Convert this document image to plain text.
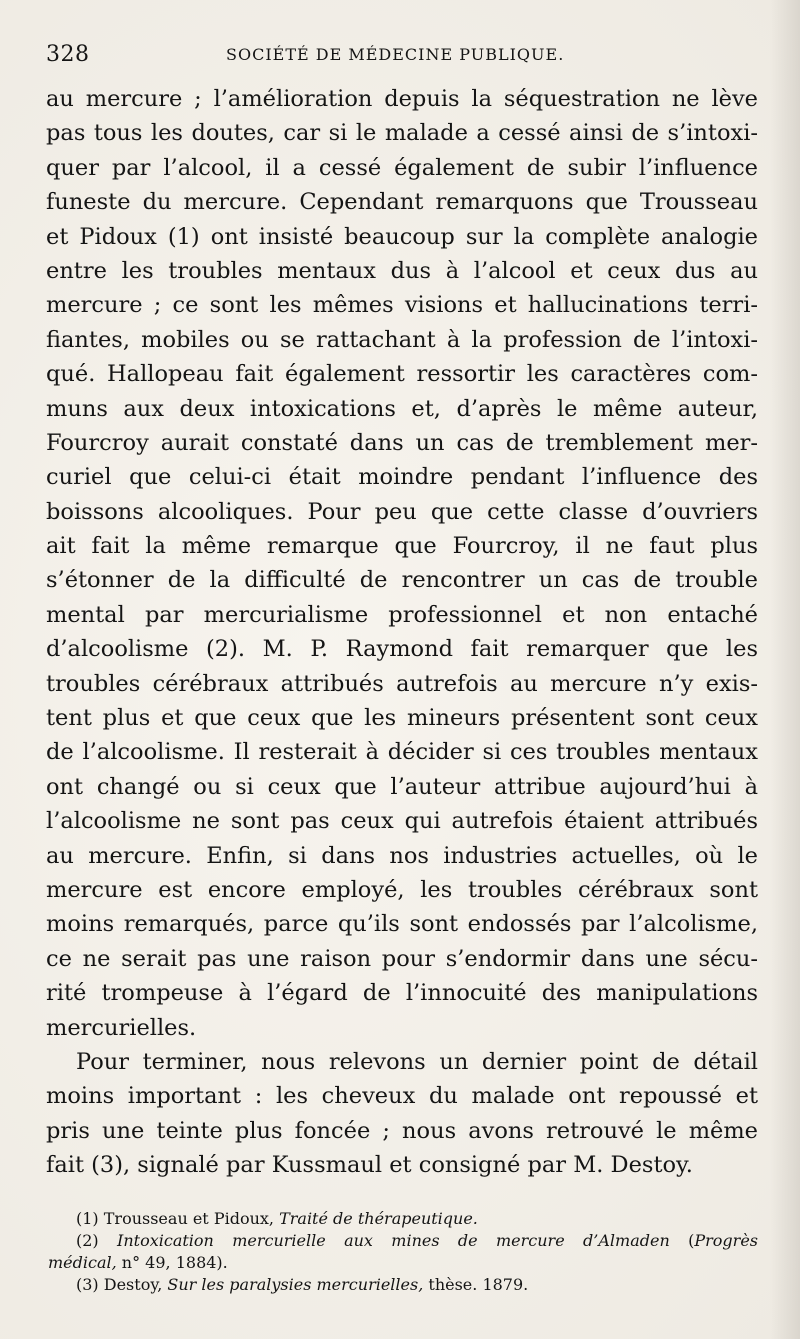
328	SOCIÉTÉ DE MÉDECINE PUBLIQUE.
au mercure ; l’amélioration depuis la séquestration ne lève
pas tous les doutes, car si le malade a cessé ainsi de s’intoxi-
quer par l’alcool, il a cessé également de subir l’influence
funeste du mercure. Cependant remarquons que Trousseau
et Pidoux (1) ont insisté beaucoup sur la complète analogie
entre les troubles mentaux dus à l’alcool et ceux dus au
mercure ; ce sont les mêmes visions et hallucinations terri-
fiantes, mobiles ou se rattachant à la profession de l’intoxi-
qué. Hallopeau fait également ressortir les caractères com-
muns aux deux intoxications et, d’après le même auteur,
Fourcroy aurait constaté dans un cas de tremblement mer-
curiel que celui-ci était moindre pendant l’influence des
boissons alcooliques. Pour peu que cette classe d’ouvriers
ait fait la même remarque que Fourcroy, il ne faut plus
s’étonner de la difficulté de rencontrer un cas de trouble
mental par mercurialisme professionnel et non entaché
d’alcoolisme (2). M. P. Raymond fait remarquer que les
troubles cérébraux attribués autrefois au mercure n’y exis-
tent plus et que ceux que les mineurs présentent sont ceux
de l’alcoolisme. Il resterait à décider si ces troubles mentaux
ont changé ou si ceux que l’auteur attribue aujourd’hui à
l’alcoolisme ne sont pas ceux qui autrefois étaient attribués
au mercure. Enfin, si dans nos industries actuelles, où le
mercure est encore employé, les troubles cérébraux sont
moins remarqués, parce qu’ils sont endossés par l’alcolisme,
ce ne serait pas une raison pour s’endormir dans une sécu-
rité trompeuse à l’égard de l’innocuité des manipulations
mercurielles.
Pour terminer, nous relevons un dernier point de détail
moins important : les cheveux du malade ont repoussé et
pris une teinte plus foncée ; nous avons retrouvé le même
fait (3), signalé par Kussmaul et consigné par M. Destoy.
(1) Trousseau et Pidoux, Traité de thérapeutique.
(2) Intoxication mercurielle aux mines de mercure d’Almaden (Progrès
médical, n° 49, 1884).
(3) Destoy, Sur les paralysies mercurielles, thèse. 1879.
